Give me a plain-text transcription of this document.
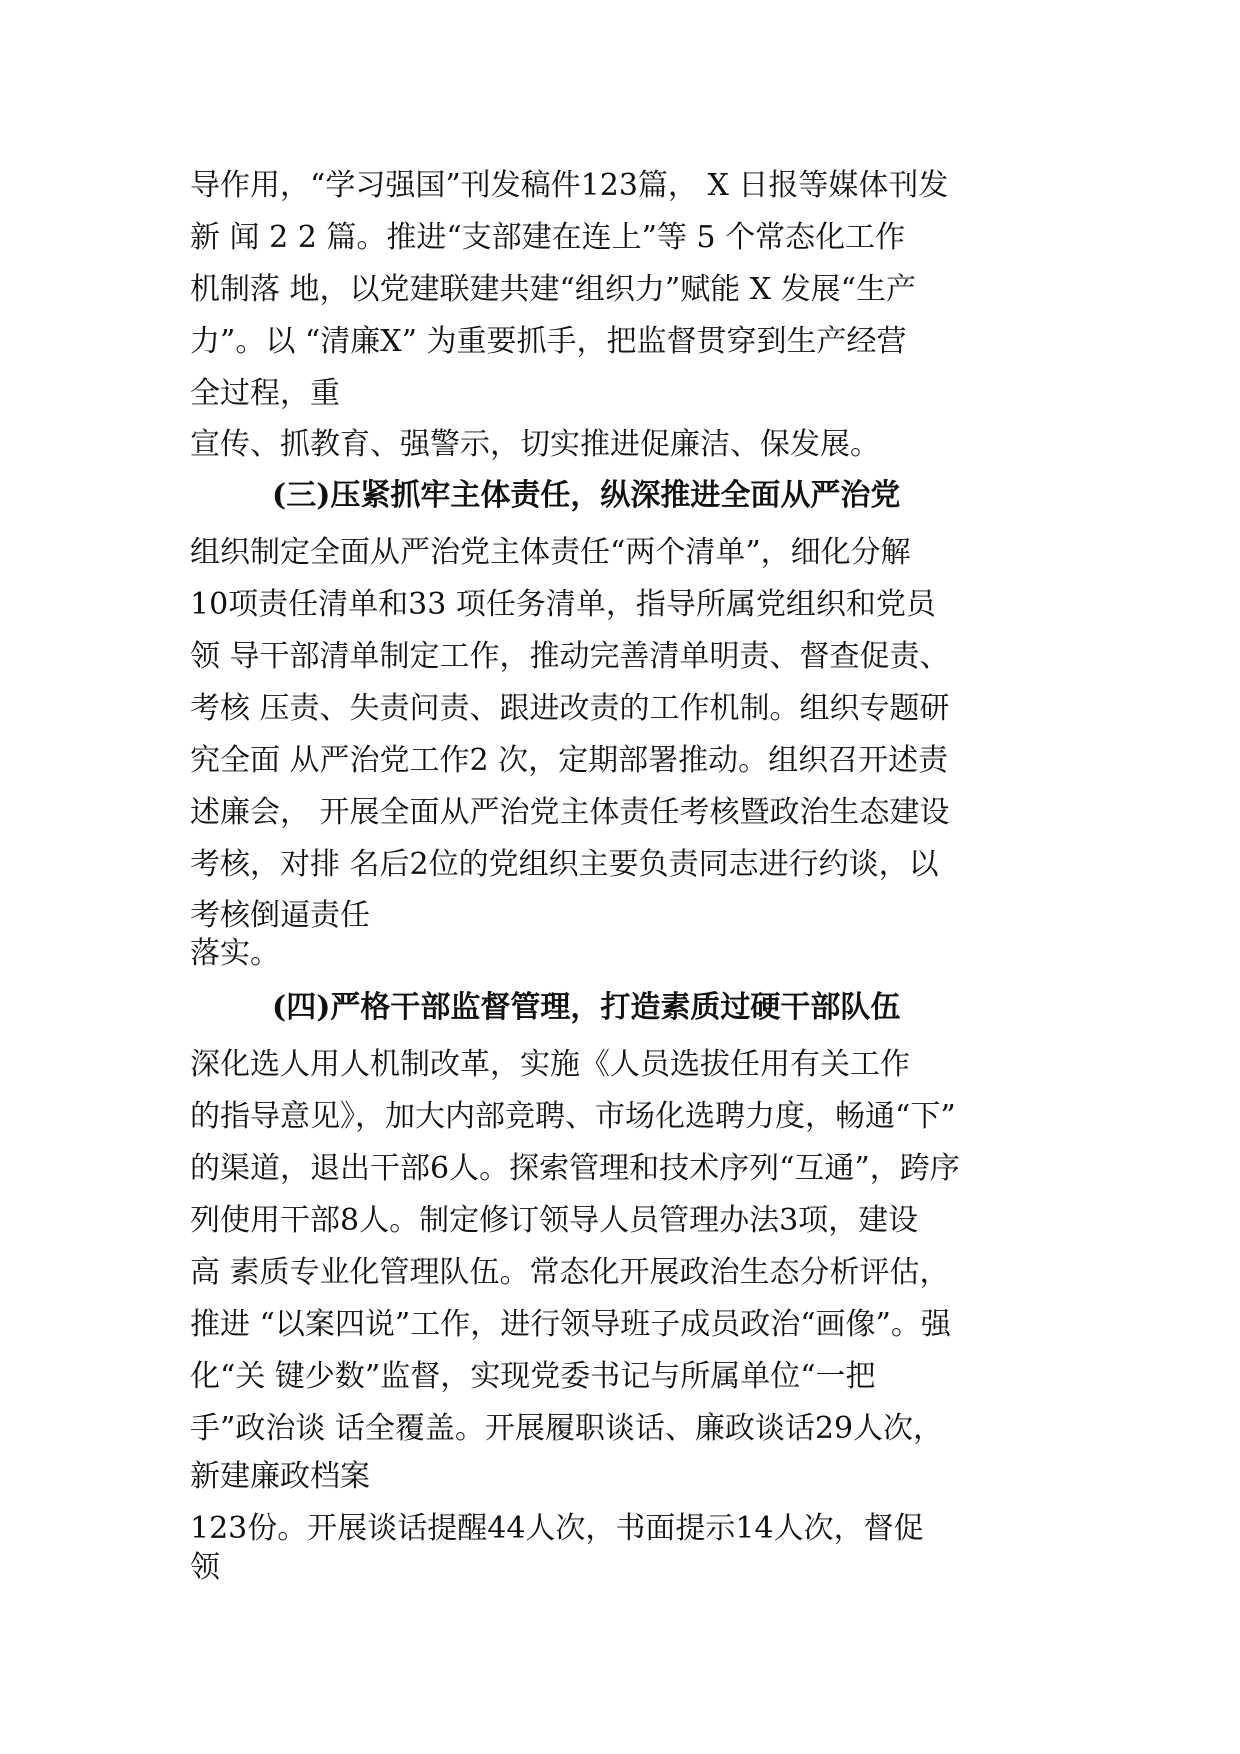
导作用，“学习强国”刊发稿件123篇， X 日报等媒体刊发
新 闻 2 2 篇。推进“支部建在连上”等 5 个常态化工作
机制落 地，以党建联建共建“组织力”赋能 X 发展“生产
力”。以 “清廉X” 为重要抓手，把监督贯穿到生产经营
全过程，重
宣传、抓教育、强警示，切实推进促廉洁、保发展。
(三)压紧抓牢主体责任，纵深推进全面从严治党
组织制定全面从严治党主体责任“两个清单”，细化分解
10项责任清单和33 项任务清单，指导所属党组织和党员
领 导干部清单制定工作，推动完善清单明责、督查促责、
考核 压责、失责问责、跟进改责的工作机制。组织专题研
究全面 从严治党工作2 次，定期部署推动。组织召开述责
述廉会， 开展全面从严治党主体责任考核暨政治生态建设
考核，对排 名后2位的党组织主要负责同志进行约谈，以
考核倒逼责任
落实。
(四)严格干部监督管理，打造素质过硬干部队伍
深化选人用人机制改革，实施《人员选拔任用有关工作
的指导意见》，加大内部竞聘、市场化选聘力度，畅通“下”
的渠道，退出干部6人。探索管理和技术序列“互通”，跨序
列使用干部8人。制定修订领导人员管理办法3项，建设
高 素质专业化管理队伍。常态化开展政治生态分析评估，
推进 “以案四说”工作，进行领导班子成员政治“画像”。强
化“关 键少数”监督，实现党委书记与所属单位“一把
手”政治谈 话全覆盖。开展履职谈话、廉政谈话29人次，
新建廉政档案
123份。开展谈话提醒44人次，书面提示14人次，督促
领
